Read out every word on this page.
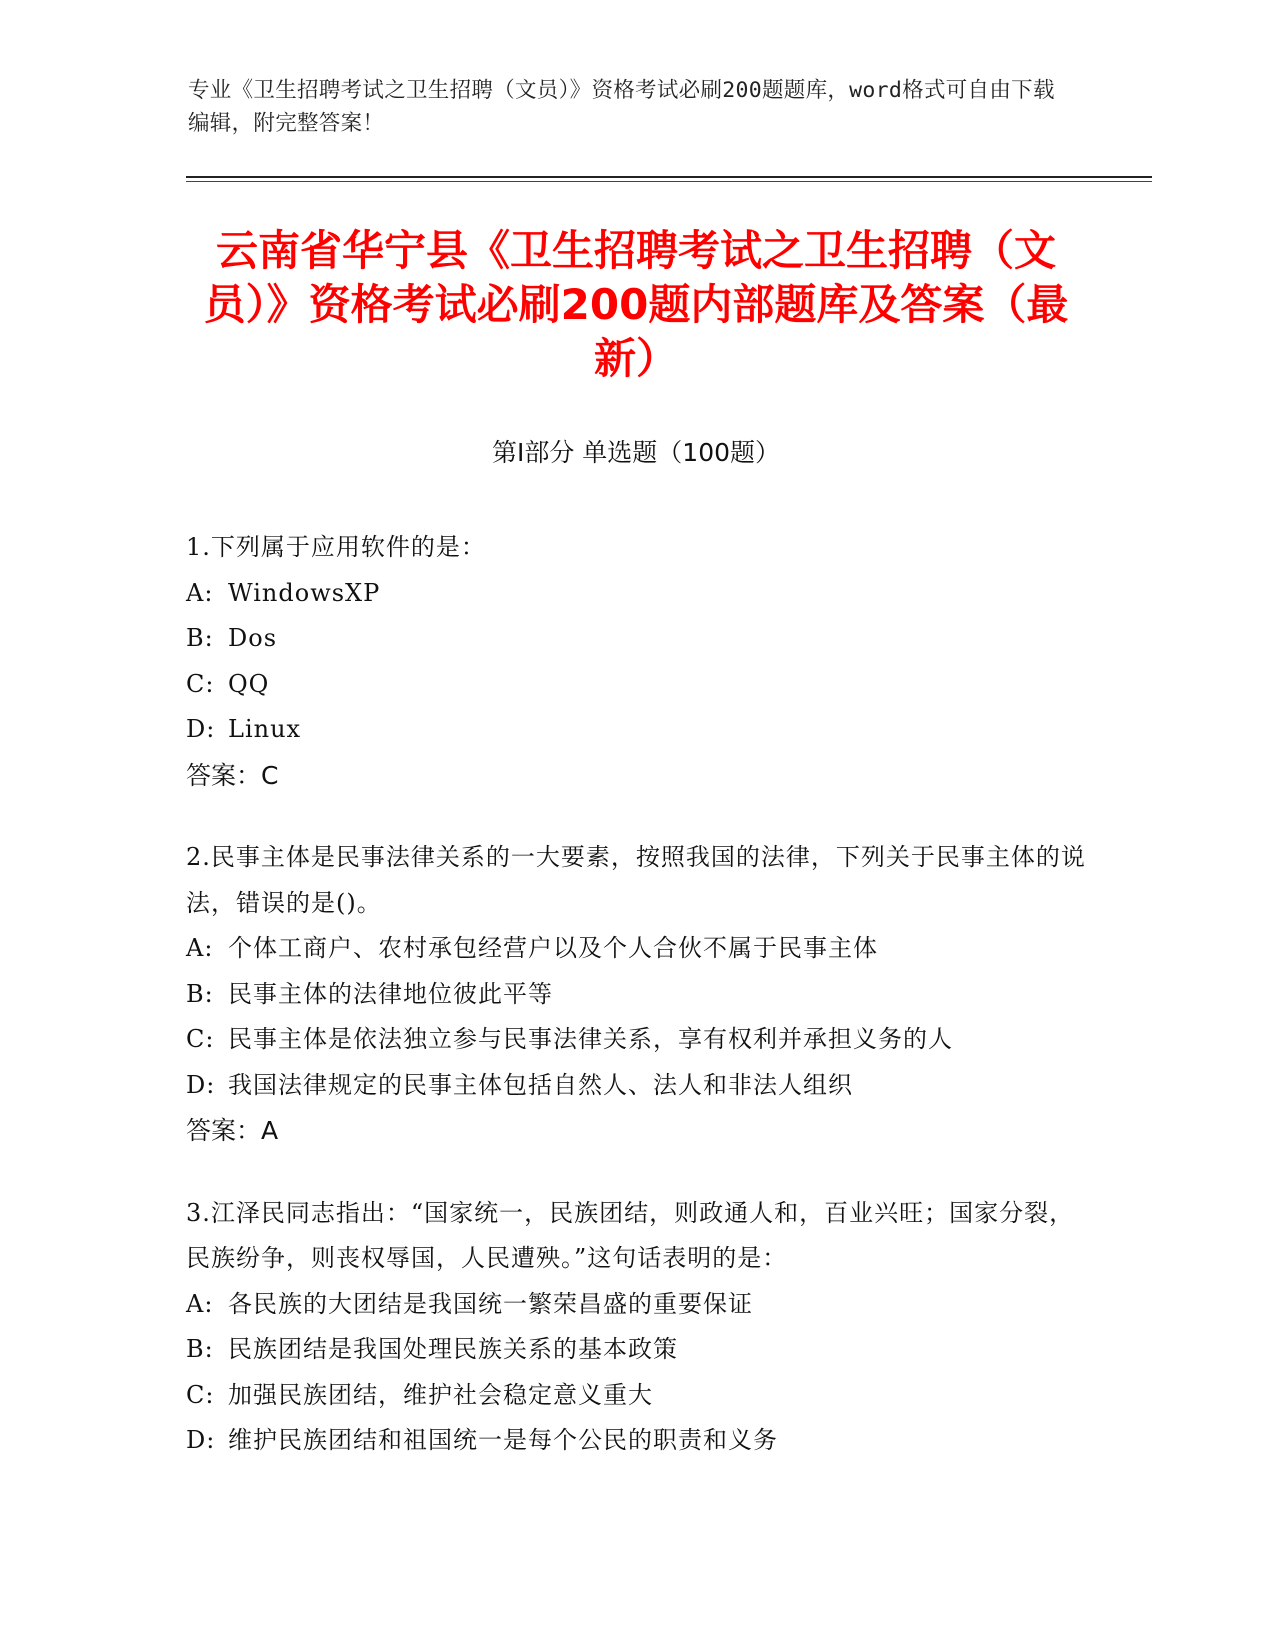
专业《卫生招聘考试之卫生招聘（文员）》资格考试必刷200题题库，word格式可自由下载编辑，附完整答案！
云南省华宁县《卫生招聘考试之卫生招聘（文员）》资格考试必刷200题内部题库及答案（最新）
第Ⅰ部分 单选题（100题）
1.下列属于应用软件的是：
A: WindowsXP
B: Dos
C: QQ
D: Linux
答案：C
2.民事主体是民事法律关系的一大要素，按照我国的法律，下列关于民事主体的说法，错误的是()。
A: 个体工商户、农村承包经营户以及个人合伙不属于民事主体
B: 民事主体的法律地位彼此平等
C: 民事主体是依法独立参与民事法律关系，享有权利并承担义务的人
D: 我国法律规定的民事主体包括自然人、法人和非法人组织
答案：A
3.江泽民同志指出：“国家统一，民族团结，则政通人和，百业兴旺；国家分裂，民族纷争，则丧权辱国，人民遭殃。”这句话表明的是：
A: 各民族的大团结是我国统一繁荣昌盛的重要保证
B: 民族团结是我国处理民族关系的基本政策
C: 加强民族团结，维护社会稳定意义重大
D: 维护民族团结和祖国统一是每个公民的职责和义务
